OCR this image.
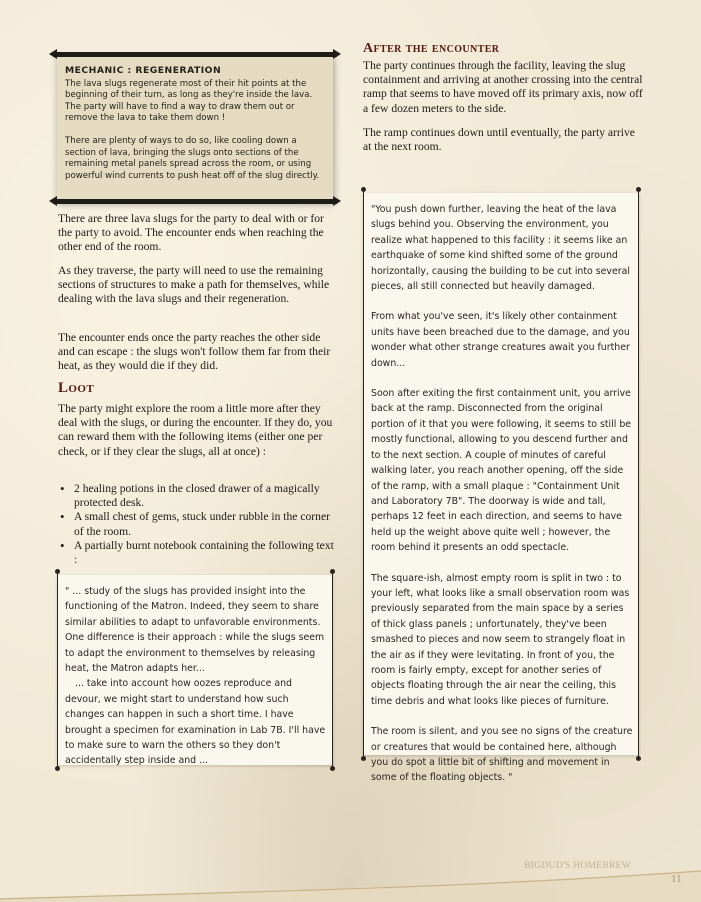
MECHANIC : REGENERATION

The lava slugs regenerate most of their hit points at the beginning of their turn, as long as they're inside the lava. The party will have to find a way to draw them out or remove the lava to take them down !

There are plenty of ways to do so, like cooling down a section of lava, bringing the slugs onto sections of the remaining metal panels spread across the room, or using powerful wind currents to push heat off of the slug directly.

There are three lava slugs for the party to deal with or for the party to avoid. The encounter ends when reaching the other end of the room.

As they traverse, the party will need to use the remaining sections of structures to make a path for themselves, while dealing with the lava slugs and their regeneration.

The encounter ends once the party reaches the other side and can escape : the slugs won't follow them far from their heat, as they would die if they did.

Loot

The party might explore the room a little more after they deal with the slugs, or during the encounter. If they do, you can reward them with the following items (either one per check, or if they clear the slugs, all at once) :

• 2 healing potions in the closed drawer of a magically protected desk.
• A small chest of gems, stuck under rubble in the corner of the room.
• A partially burnt notebook containing the following text :

" ... study of the slugs has provided insight into the functioning of the Matron. Indeed, they seem to share similar abilities to adapt to unfavorable environments. One difference is their approach : while the slugs seem to adapt the environment to themselves by releasing heat, the Matron adapts her...

... take into account how oozes reproduce and devour, we might start to understand how such changes can happen in such a short time. I have brought a specimen for examination in Lab 7B. I'll have to make sure to warn the others so they don't accidentally step inside and ...

After the encounter

The party continues through the facility, leaving the slug containment and arriving at another crossing into the central ramp that seems to have moved off its primary axis, now off a few dozen meters to the side.

The ramp continues down until eventually, the party arrive at the next room.

"You push down further, leaving the heat of the lava slugs behind you. Observing the environment, you realize what happened to this facility : it seems like an earthquake of some kind shifted some of the ground horizontally, causing the building to be cut into several pieces, all still connected but heavily damaged.

From what you've seen, it's likely other containment units have been breached due to the damage, and you wonder what other strange creatures await you further down...

Soon after exiting the first containment unit, you arrive back at the ramp. Disconnected from the original portion of it that you were following, it seems to still be mostly functional, allowing to you descend further and to the next section. A couple of minutes of careful walking later, you reach another opening, off the side of the ramp, with a small plaque : "Containment Unit and Laboratory 7B". The doorway is wide and tall, perhaps 12 feet in each direction, and seems to have held up the weight above quite well ; however, the room behind it presents an odd spectacle.

The square-ish, almost empty room is split in two : to your left, what looks like a small observation room was previously separated from the main space by a series of thick glass panels ; unfortunately, they've been smashed to pieces and now seem to strangely float in the air as if they were levitating. In front of you, the room is fairly empty, except for another series of objects floating through the air near the ceiling, this time debris and what looks like pieces of furniture.

The room is silent, and you see no signs of the creature or creatures that would be contained here, although you do spot a little bit of shifting and movement in some of the floating objects. "

BIGDUD'S HOMEBREW
11
